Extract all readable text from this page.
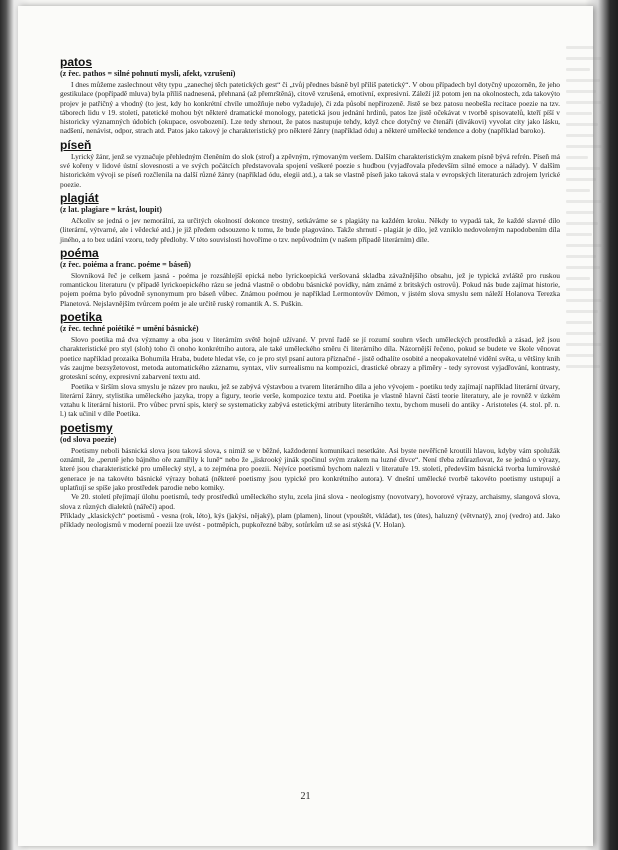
patos
(z řec. pathos = silné pohnutí mysli, afekt, vzrušení)

I dnes můžeme zaslechnout věty typu „zanechej těch patetických gest“ či „tvůj přednes básně byl příliš patetický“. V obou případech byl dotyčný upozorněn, že jeho gestikulace (popřípadě mluva) byla příliš nadnesená, přehnaná (až přemrštěná), citově vzrušená, emotivní, expresivní. Záleží již potom jen na okolnostech, zda takovýto projev je patřičný a vhodný (to jest, kdy ho konkrétní chvíle umožňuje nebo vyžaduje), či zda působí nepřirozeně. Jistě se bez patosu neobešla recitace poezie na tzv. táborech lidu v 19. století, patetické mohou být některé dramatické monology, patetická jsou jednání hrdinů, patos lze jistě očekávat v tvorbě spisovatelů, kteří píší v historicky významných údobích (okupace, osvobození). Lze tedy shrnout, že patos nastupuje tehdy, když chce dotyčný ve čtenáři (divákovi) vyvolat city jako lásku, nadšení, nenávist, odpor, strach atd. Patos jako takový je charakteristický pro některé žánry (například ódu) a některé umělecké tendence a doby (například baroko).

píseň

Lyrický žánr, jenž se vyznačuje přehledným členěním do slok (strof) a zpěvným, rýmovaným veršem. Dalším charakteristickým znakem písně bývá refrén. Píseň má své kořeny v lidové ústní slovesnosti a ve svých počátcích představovala spojení veškeré poezie s hudbou (vyjadřovala především silné emoce a nálady). V dalším historickém vývoji se píseň rozčlenila na další různé žánry (například ódu, elegii atd.), a tak se vlastně píseň jako taková stala v evropských literaturách zdrojem lyrické poezie.

plagiát
(z lat. plagiare = krást, loupit)

Ačkoliv se jedná o jev nemorální, za určitých okolností dokonce trestný, setkáváme se s plagiáty na každém kroku. Někdy to vypadá tak, že každé slavné dílo (literární, výtvarné, ale i vědecké atd.) je již předem odsouzeno k tomu, že bude plagováno. Takže shrnutí - plagiát je dílo, jež vzniklo nedovoleným napodobením díla jiného, a to bez udání vzoru, tedy předlohy. V této souvislosti hovoříme o tzv. nepůvodním (v našem případě literárním) díle.

poéma
(z řec. poiéma a franc. poéme = báseň)

Slovníková řeč je celkem jasná - poéma je rozsáhlejší epická nebo lyrickoepická veršovaná skladba závažnějšího obsahu, jež je typická zvláště pro ruskou romantickou literaturu (v případě lyrickoepického rázu se jedná vlastně o obdobu básnické povídky, nám známé z britských ostrovů). Pokud nás bude zajímat historie, pojem poéma bylo původně synonymum pro báseň vůbec. Známou poémou je například Lermontovův Démon, v jistém slova smyslu sem náleží Holanova Terezka Planetová. Nejslavnějším tvůrcem poém je ale určitě ruský romantik A. S. Puškin.

poetika
(z řec. techné poiétiké = umění básnické)

Slovo poetika má dva významy a oba jsou v literárním světě hojně užívané. V první řadě se jí rozumí souhrn všech uměleckých prostředků a zásad, jež jsou charakteristické pro styl (sloh) toho či onoho konkrétního autora, ale také uměleckého směru či literárního díla. Názornější řečeno, pokud se budete ve škole věnovat poetice například prozaika Bohumila Hraba, budete hledat vše, co je pro styl psaní autora příznačné - jistě odhalíte osobité a neopakovatelné vidění světa, u většiny knih vás zaujme bezsyžetovost, metoda automatického záznamu, syntax, vliv surrealismu na kompozici, drastické obrazy a přiměry - tedy syrovost vyjadřování, kontrasty, groteskní scény, expresivní zabarvení textu atd.

Poetika v širším slova smyslu je název pro nauku, jež se zabývá výstavbou a tvarem literárního díla a jeho vývojem - poetiku tedy zajímají například literární útvary, literární žánry, stylistika uměleckého jazyka, tropy a figury, teorie verše, kompozice textu atd. Poetika je vlastně hlavní částí teorie literatury, ale je rovněž v úzkém vztahu k literární historii. Pro vůbec první spis, který se systematicky zabývá estetickými atributy literárního textu, bychom museli do antiky - Aristoteles (4. stol. př. n. l.) tak učinil v díle Poetika.

poetismy
(od slova poezie)

Poetismy neboli básnická slova jsou taková slova, s nimiž se v běžné, každodenní komunikaci nesetkáte. Asi byste nevěřícně kroutili hlavou, kdyby vám spolužák oznámil, že „perutě jeho bájného oře zamířily k luně“ nebo že „jiskrooký jinák spočinul svým zrakem na luzné dívce“. Není třeba zdůrazňovat, že se jedná o výrazy, které jsou charakteristické pro umělecký styl, a to zejména pro poezii. Nejvíce poetismů bychom nalezli v literatuře 19. století, především básnická tvorba lumírovské generace je na takovéto básnické výrazy bohatá (některé poetismy jsou typické pro konkrétního autora). V dnešní umělecké tvorbě takovéto poetismy ustupují a uplatňují se spíše jako prostředek parodie nebo komiky.

Ve 20. století přejímají úlohu poetismů, tedy prostředků uměleckého stylu, zcela jiná slova - neologismy (novotvary), hovorové výrazy, archaismy, slangová slova, slova z různých dialektů (nářečí) apod.

Příklady „klasických“ poetismů - vesna (rok, léto), kýs (jakýsi, nějaký), plam (plamen), linout (vpouštět, vkládat), tes (útes), haluzný (větvnatý), znoj (vedro) atd. Jako příklady neologismů v moderní poezii lze uvést - potměpích, pupkořezné báby, sotůrkům už se asi stýská (V. Holan).

21
